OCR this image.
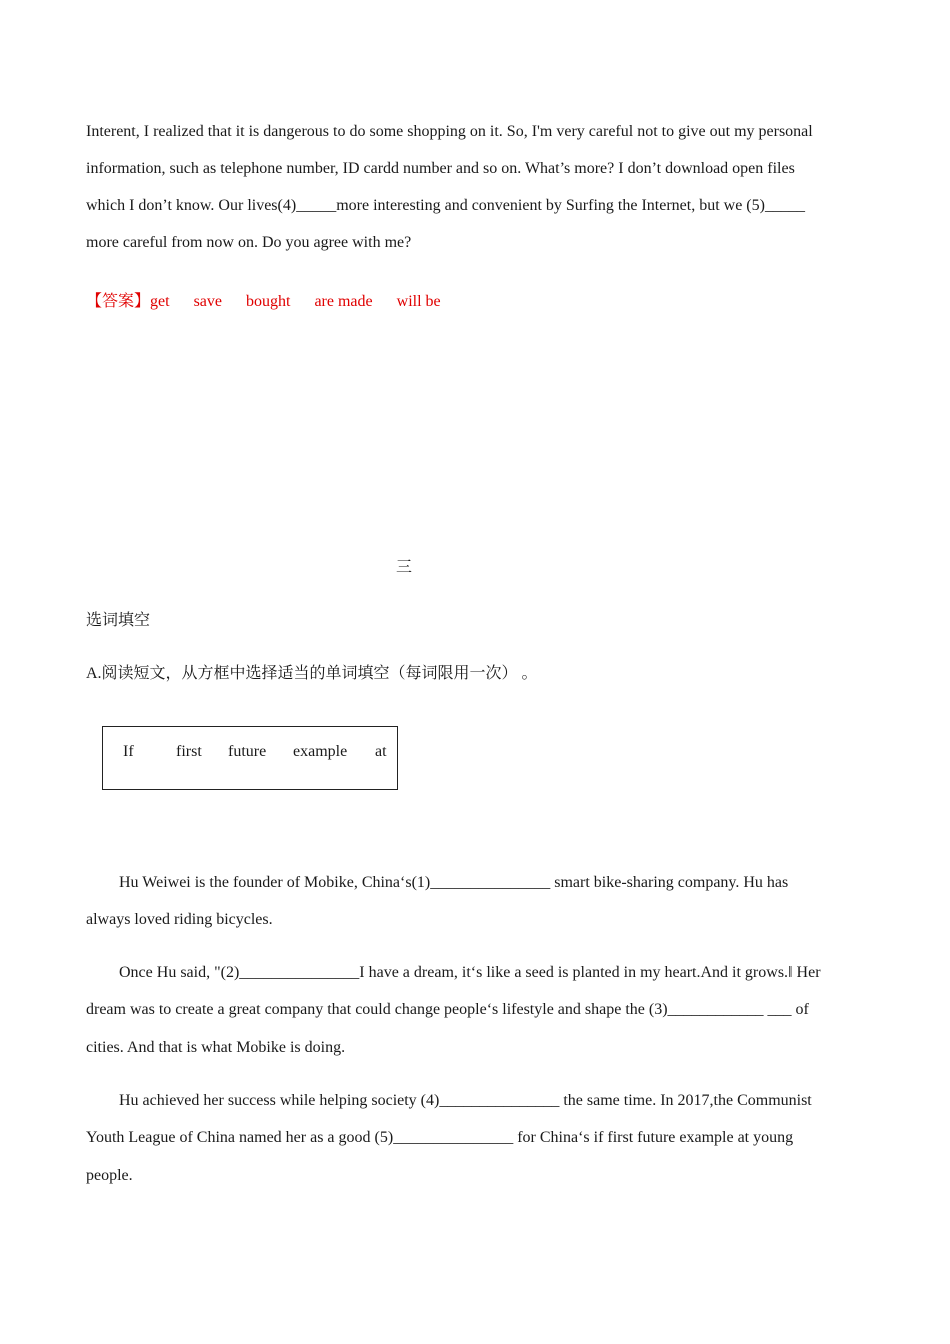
Interent, I realized that it is dangerous to do some shopping on it. So, I'm very careful not to give out my personal
information, such as telephone number, ID cardd number and so on. What’s more? I don’t download open files
which I don’t know. Our lives(4)_____more interesting and convenient by Surfing the Internet, but we (5)_____
more careful from now on. Do you agree with me?
【答案】get save bought are made will be
三
选词填空
A.阅读短文，从方框中选择适当的单词填空（每词限用一次） 。
If	first future example at
Hu Weiwei is the founder of Mobike, China‘s(1)_______________ smart bike-sharing company. Hu has
always loved riding bicycles.
Once Hu said, "(2)_______________I have a dream, it‘s like a seed is planted in my heart.And it grows.‖ Her
dream was to create a great company that could change people‘s lifestyle and shape the (3)____________ ___ of
cities. And that is what Mobike is doing.
Hu achieved her success while helping society (4)_______________ the same time. In 2017,the Communist
Youth League of China named her as a good (5)_______________ for China‘s if first future example at young
people.
